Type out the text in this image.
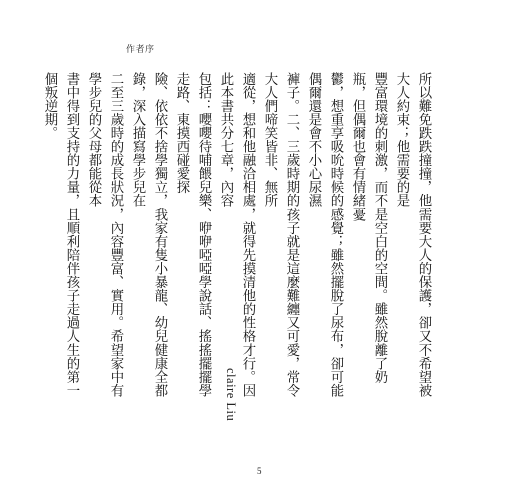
作者序

所以難免跌跌撞撞，他需要大人的保護，卻又不希望被大人約束；他需要的是

豐富環境的刺激，而不是空白的空間。雖然脫離了奶瓶，但偶爾也會有情緒憂

鬱，想重享吸吮時候的感覺；雖然擺脫了尿布，卻可能偶爾還是會不小心尿濕

褲子。二、三歲時期的孩子就是這麼難纏又可愛，常令大人們啼笑皆非、無所

適從，想和他融洽相處，就得先摸清他的性格才行。因此本書共分七章，內容

包括：嚶嚶待哺餵兒樂、咿咿啞啞學說話、搖搖擺擺學走路、東摸西碰愛探

險、依依不捨學獨立，我家有隻小暴龍、幼兒健康全都錄，深入描寫學步兒在

二至三歲時的成長狀況，內容豐富、實用。希望家中有學步兒的父母都能從本

書中得到支持的力量，且順利陪伴孩子走過人生的第一個叛逆期。

claire Liu
5
